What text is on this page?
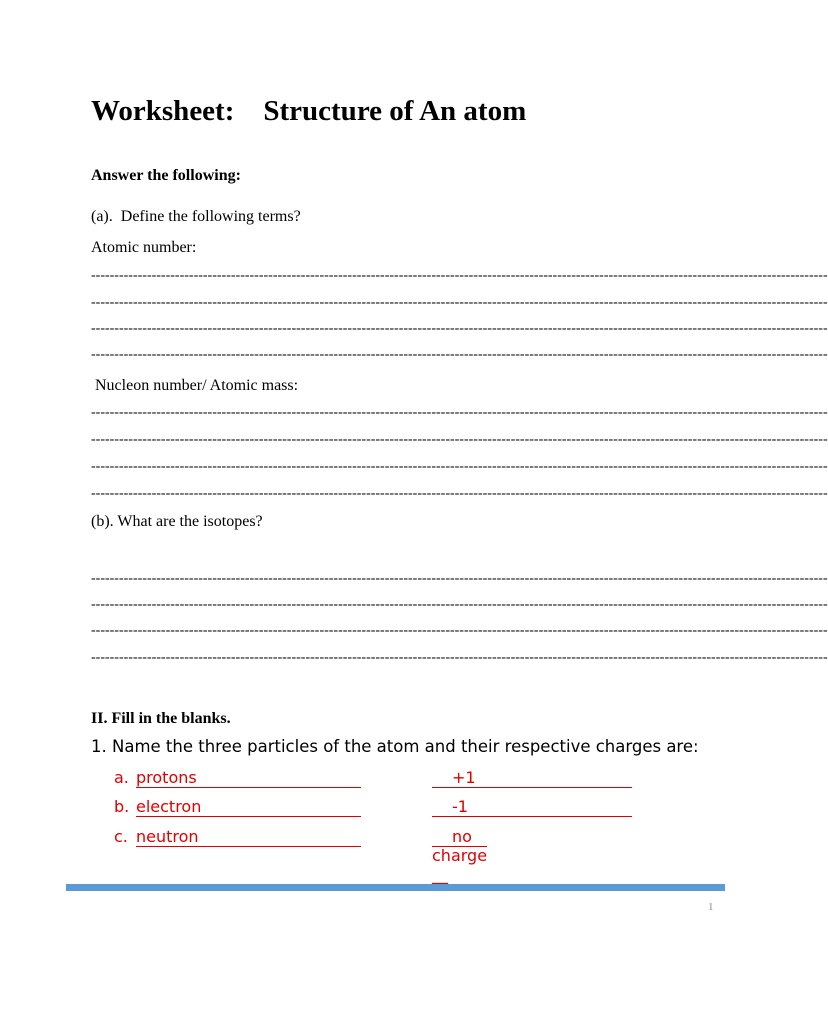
Worksheet:    Structure of An atom
Answer the following:
(a).  Define the following terms?
Atomic number:
--------------------------------------------------------------------------------------------------------------------------------------------------------------
--------------------------------------------------------------------------------------------------------------------------------------------------------------
--------------------------------------------------------------------------------------------------------------------------------------------------------------
--------------------------------------------------------------------------------------------------------------------------------------------------------------
Nucleon number/ Atomic mass:
--------------------------------------------------------------------------------------------------------------------------------------------------------------
--------------------------------------------------------------------------------------------------------------------------------------------------------------
--------------------------------------------------------------------------------------------------------------------------------------------------------------
--------------------------------------------------------------------------------------------------------------------------------------------------------------
(b). What are the isotopes?
--------------------------------------------------------------------------------------------------------------------------------------------------------------
--------------------------------------------------------------------------------------------------------------------------------------------------------------
--------------------------------------------------------------------------------------------------------------------------------------------------------------
--------------------------------------------------------------------------------------------------------------------------------------------------------------
II. Fill in the blanks.
1. Name the three particles of the atom and their respective charges are:
a. protons	+1
b. electron	-1
c. neutron	no charge __
1
